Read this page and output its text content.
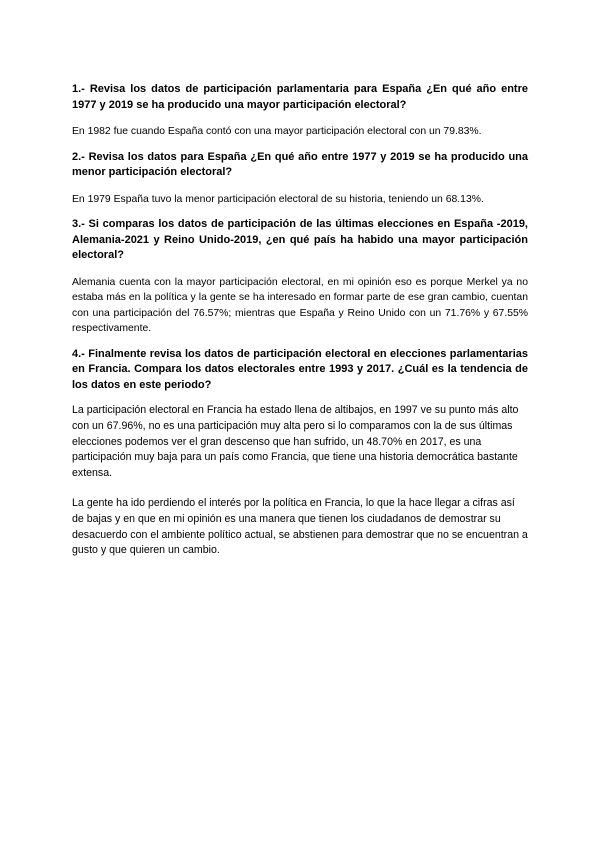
1.- Revisa los datos de participación parlamentaria para España ¿En qué año entre 1977 y 2019 se ha producido una mayor participación electoral?

En 1982 fue cuando España contó con una mayor participación electoral con un 79.83%.

2.- Revisa los datos para España ¿En qué año entre 1977 y 2019 se ha producido una menor participación electoral?

En 1979 España tuvo la menor participación electoral de su historia, teniendo un 68.13%.

3.- Si comparas los datos de participación de las últimas elecciones en España -2019, Alemania-2021 y Reino Unido-2019, ¿en qué país ha habido una mayor participación electoral?

Alemania cuenta con la mayor participación electoral, en mi opinión eso es porque Merkel ya no estaba más en la política y la gente se ha interesado en formar parte de ese gran cambio, cuentan con una participación del 76.57%; mientras que España y Reino Unido con un 71.76% y 67.55% respectivamente.

4.- Finalmente revisa los datos de participación electoral en elecciones parlamentarias en Francia. Compara los datos electorales entre 1993 y 2017. ¿Cuál es la tendencia de los datos en este periodo?

La participación electoral en Francia ha estado llena de altibajos, en 1997 ve su punto más alto con un 67.96%, no es una participación muy alta pero si lo comparamos con la de sus últimas elecciones podemos ver el gran descenso que han sufrido, un 48.70% en 2017, es una participación muy baja para un país como Francia, que tiene una historia democrática bastante extensa.

La gente ha ido perdiendo el interés por la política en Francia, lo que la hace llegar a cifras así de bajas y en que en mi opinión es una manera que tienen los ciudadanos de demostrar su desacuerdo con el ambiente político actual, se abstienen para demostrar que no se encuentran a gusto y que quieren un cambio.
